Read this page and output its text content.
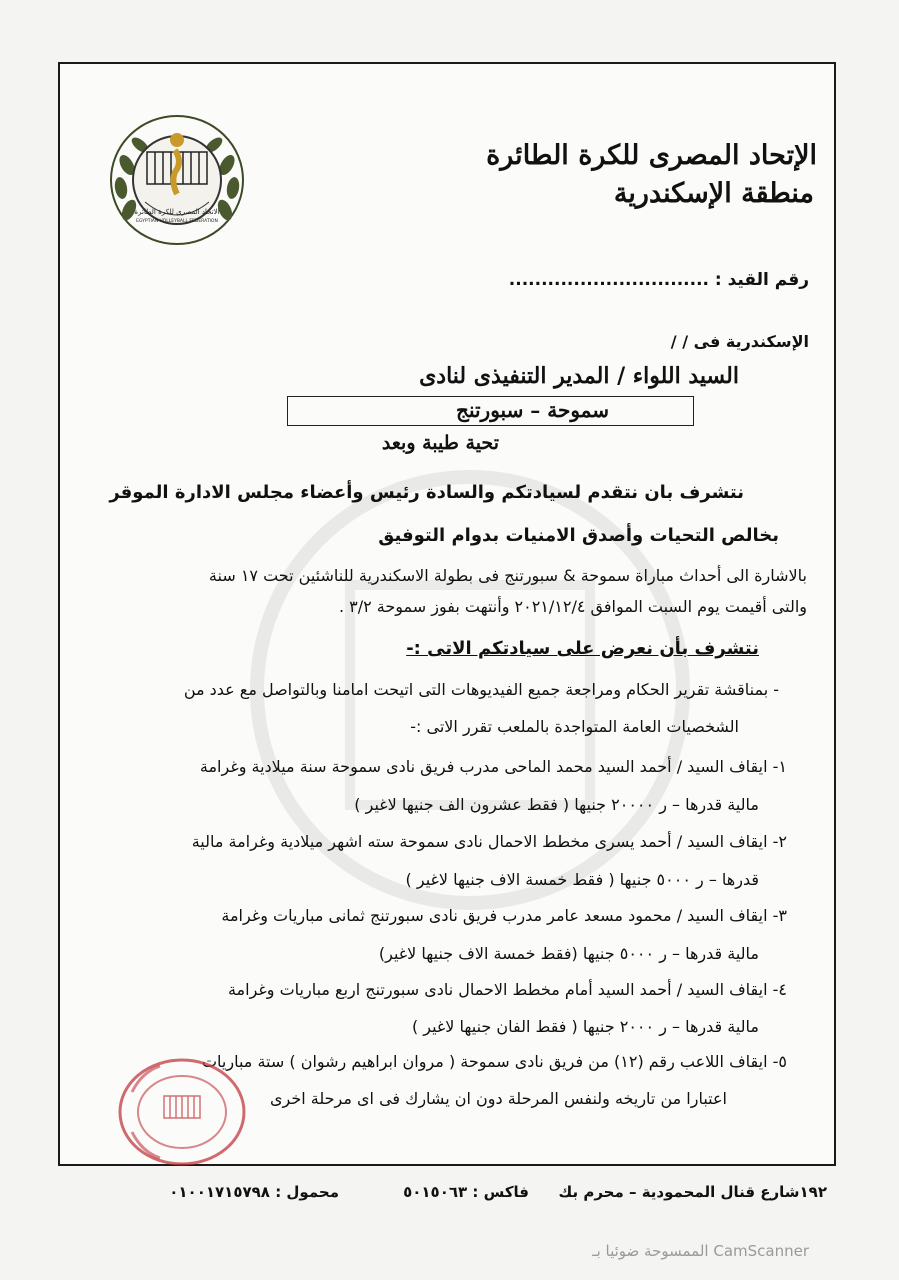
الاتحاد المصرى للكرة الطائرة
EGYPTIAN VOLLEYBALL FEDERATION
الإتحاد المصرى للكرة الطائرة
منطقة الإسكندرية
رقم القيد : ...............................
الإسكندرية فى / /
السيد اللواء / المدير التنفيذى لنادى
سموحة – سبورتنج
تحية طيبة وبعد
نتشرف بان نتقدم لسيادتكم والسادة رئيس وأعضاء مجلس الادارة الموقر
بخالص التحيات وأصدق الامنيات بدوام التوفيق
بالاشارة الى أحداث مباراة سموحة & سبورتنج فى بطولة الاسكندرية للناشئين تحت ١٧ سنة
والتى أقيمت يوم السبت الموافق ٢٠٢١/١٢/٤ وأنتهت بفوز سموحة ٣/٢ .
نتشرف بأن نعرض على سيادتكم الاتى :-
- بمناقشة تقرير الحكام ومراجعة جميع الفيديوهات التى اتيحت امامنا وبالتواصل مع عدد من
الشخصيات العامة المتواجدة بالملعب تقرر الاتى :-
١- ايقاف السيد / أحمد السيد محمد الماحى مدرب فريق نادى سموحة سنة ميلادية وغرامة
مالية قدرها – ر ٢٠٠٠٠ جنيها ( فقط عشرون الف جنيها لاغير )
٢- ايقاف السيد / أحمد يسرى مخطط الاحمال نادى سموحة سته اشهر ميلادية وغرامة مالية
قدرها – ر ٥٠٠٠ جنيها ( فقط خمسة الاف جنيها لاغير )
٣- ايقاف السيد / محمود مسعد عامر مدرب فريق نادى سبورتنج ثمانى مباريات وغرامة
مالية قدرها – ر ٥٠٠٠ جنيها (فقط خمسة الاف جنيها لاغير)
٤- ايقاف السيد / أحمد السيد أمام مخطط الاحمال نادى سبورتنج اربع مباريات وغرامة
مالية قدرها – ر ٢٠٠٠ جنيها ( فقط الفان جنيها لاغير )
٥- ايقاف اللاعب رقم (١٢) من فريق نادى سموحة ( مروان ابراهيم رشوان ) ستة مباريات
اعتبارا من تاريخه ولنفس المرحلة دون ان يشارك فى اى مرحلة اخرى
١٩٢شارع قنال المحمودية – محرم بك
فاكس : ٥٠١٥٠٦٣
محمول : ٠١٠٠١٧١٥٧٩٨
الممسوحة ضوئيا بـ CamScanner
